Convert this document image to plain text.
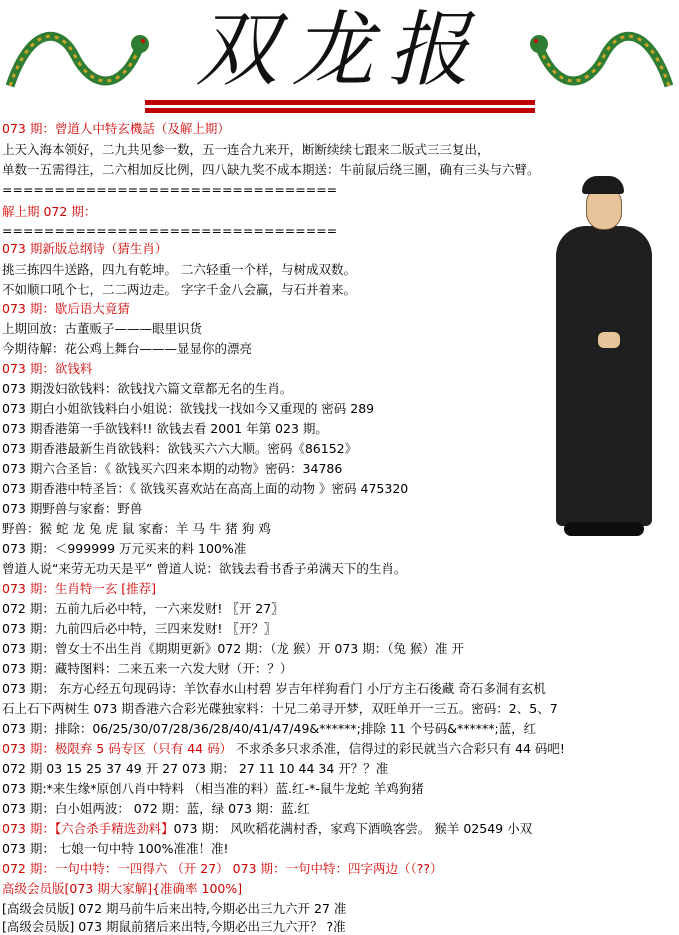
双龙报
073 期：曾道人中特玄機話（及解上期）
上天入海本领好，二九共见参一数，五一连合九来开，断断续续七跟来二版式三三复出，
单数一五需得注，二六相加反比例，四八缺九奖不成本期送：牛前鼠后绕三圍，确有三头与六臂。
================================
解上期 072 期：
================================
073 期新版总纲诗（猜生肖）
挑三拣四牛送路，四九有乾坤。 二六轻重一个样，与树成双数。
不如顺口吼个七，二二两边走。 字字千金八会赢，与石并着来。
073 期：歇后语大竟猜
上期回放：古董贩子———眼里识货
今期待解：花公鸡上舞台———显显你的漂亮
073 期：欲钱料
073 期泼妇欲钱料：欲钱找六篇文章都无名的生肖。
073 期白小姐欲钱料白小姐说：欲钱找一找如今又重现的 密码 289
073 期香港第一手欲钱料!! 欲钱去看 2001 年第 023 期。
073 期香港最新生肖欲钱料：欲钱买六六大顺。密码《86152》
073 期六合圣旨：《 欲钱买六四来本期的动物》密码：34786
073 期香港中特圣旨：《 欲钱买喜欢站在高高上面的动物 》密码 475320
073 期野兽与家畜：野兽
野兽：猴 蛇 龙 兔 虎 鼠 家畜：羊 马 牛 猪 狗 鸡
073 期：＜999999 万元买来的料 100%准
曾道人说“来劳无功天是平” 曾道人说：欲钱去看书香子弟满天下的生肖。
073 期：生肖特一玄 [推荐]
072 期：五前九后必中特，一六来发财! 〖开 27〗
073 期：九前四后必中特，三四来发财! 〖开？〗
073 期：曾女士不出生肖《期期更新》072 期：（龙 猴）开 073 期：（兔 猴）准 开
073 期：藏特图料：二来五来一六发大财（开：？）
073 期： 东方心经五句现码诗：羊饮春水山村碧 岁吉年样狗看门 小厅方主石後藏 奇石多洞有玄机
石上石下两树生 073 期香港六合彩光碟独家料：十兄二弟寻开梦，双旺单开一三五。密码：2、5、7
073 期：排除：06/25/30/07/28/36/28/40/41/47/49&******;排除 11 个号码&******;蓝，红
073 期：极限弃 5 码专区（只有 44 码） 不求杀多只求杀准，信得过的彩民就当六合彩只有 44 码吧!
072 期 03 15 25 37 49 开 27 073 期： 27 11 10 44 34 开？？准
073 期:*来生缘*原创八肖中特料 （相当准的料）蓝.红-*-鼠牛龙蛇 羊鸡狗猪
073 期：白小姐两波： 072 期：蓝，绿 073 期：蓝.红
073 期：【六合杀手精选劲料】073 期： 风吹稻花满村香，家鸡下酒唤客尝。 猴羊 02549 小双
073 期： 七娘一句中特 100%准准！准!
072 期：一句中特：一四得六 （开 27） 073 期：一句中特：四字两边（（??）
高级会员版[073 期大家解]{准确率 100%]
[高级会员版] 072 期马前牛后来出特,今期必出三九六开 27 准
[高级会员版] 073 期鼠前猪后来出特,今期必出三九六开？ ?准
